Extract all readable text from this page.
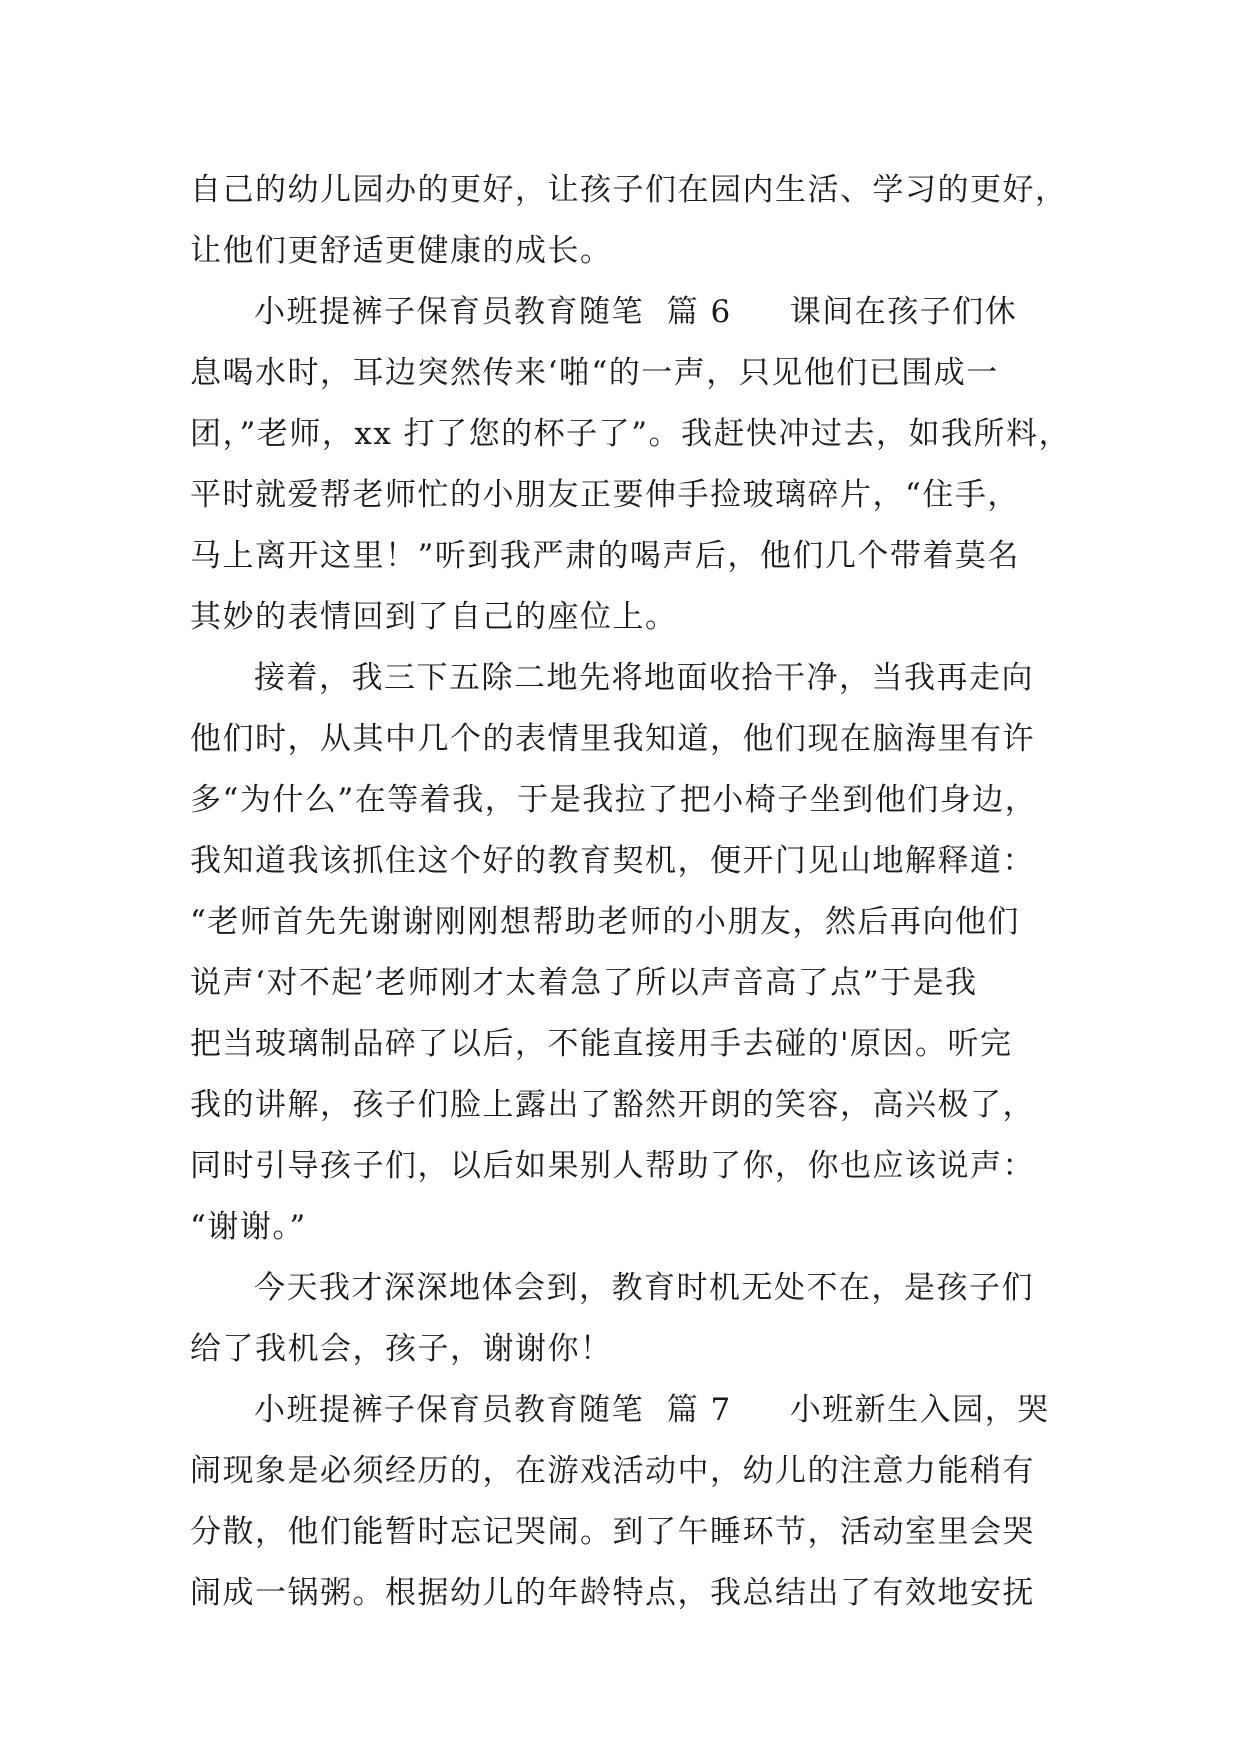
自己的幼儿园办的更好，让孩子们在园内生活、学习的更好，
让他们更舒适更健康的成长。
小班提裤子保育员教育随笔  篇 6 课间在孩子们休
息喝水时，耳边突然传来‘啪“的一声，只见他们已围成一
团，”老师，xx 打了您的杯子了”。我赶快冲过去，如我所料，
平时就爱帮老师忙的小朋友正要伸手捡玻璃碎片，“住手，
马上离开这里！”听到我严肃的喝声后，他们几个带着莫名
其妙的表情回到了自己的座位上。
接着，我三下五除二地先将地面收拾干净，当我再走向
他们时，从其中几个的表情里我知道，他们现在脑海里有许
多“为什么”在等着我，于是我拉了把小椅子坐到他们身边，
我知道我该抓住这个好的教育契机，便开门见山地解释道：
“老师首先先谢谢刚刚想帮助老师的小朋友，然后再向他们
说声‘对不起’老师刚才太着急了所以声音高了点”于是我
把当玻璃制品碎了以后，不能直接用手去碰的'原因。听完
我的讲解，孩子们脸上露出了豁然开朗的笑容，高兴极了，
同时引导孩子们，以后如果别人帮助了你，你也应该说声：
“谢谢。”
今天我才深深地体会到，教育时机无处不在，是孩子们
给了我机会，孩子，谢谢你！
小班提裤子保育员教育随笔  篇 7 小班新生入园，哭
闹现象是必须经历的，在游戏活动中，幼儿的注意力能稍有
分散，他们能暂时忘记哭闹。到了午睡环节，活动室里会哭
闹成一锅粥。根据幼儿的年龄特点，我总结出了有效地安抚
